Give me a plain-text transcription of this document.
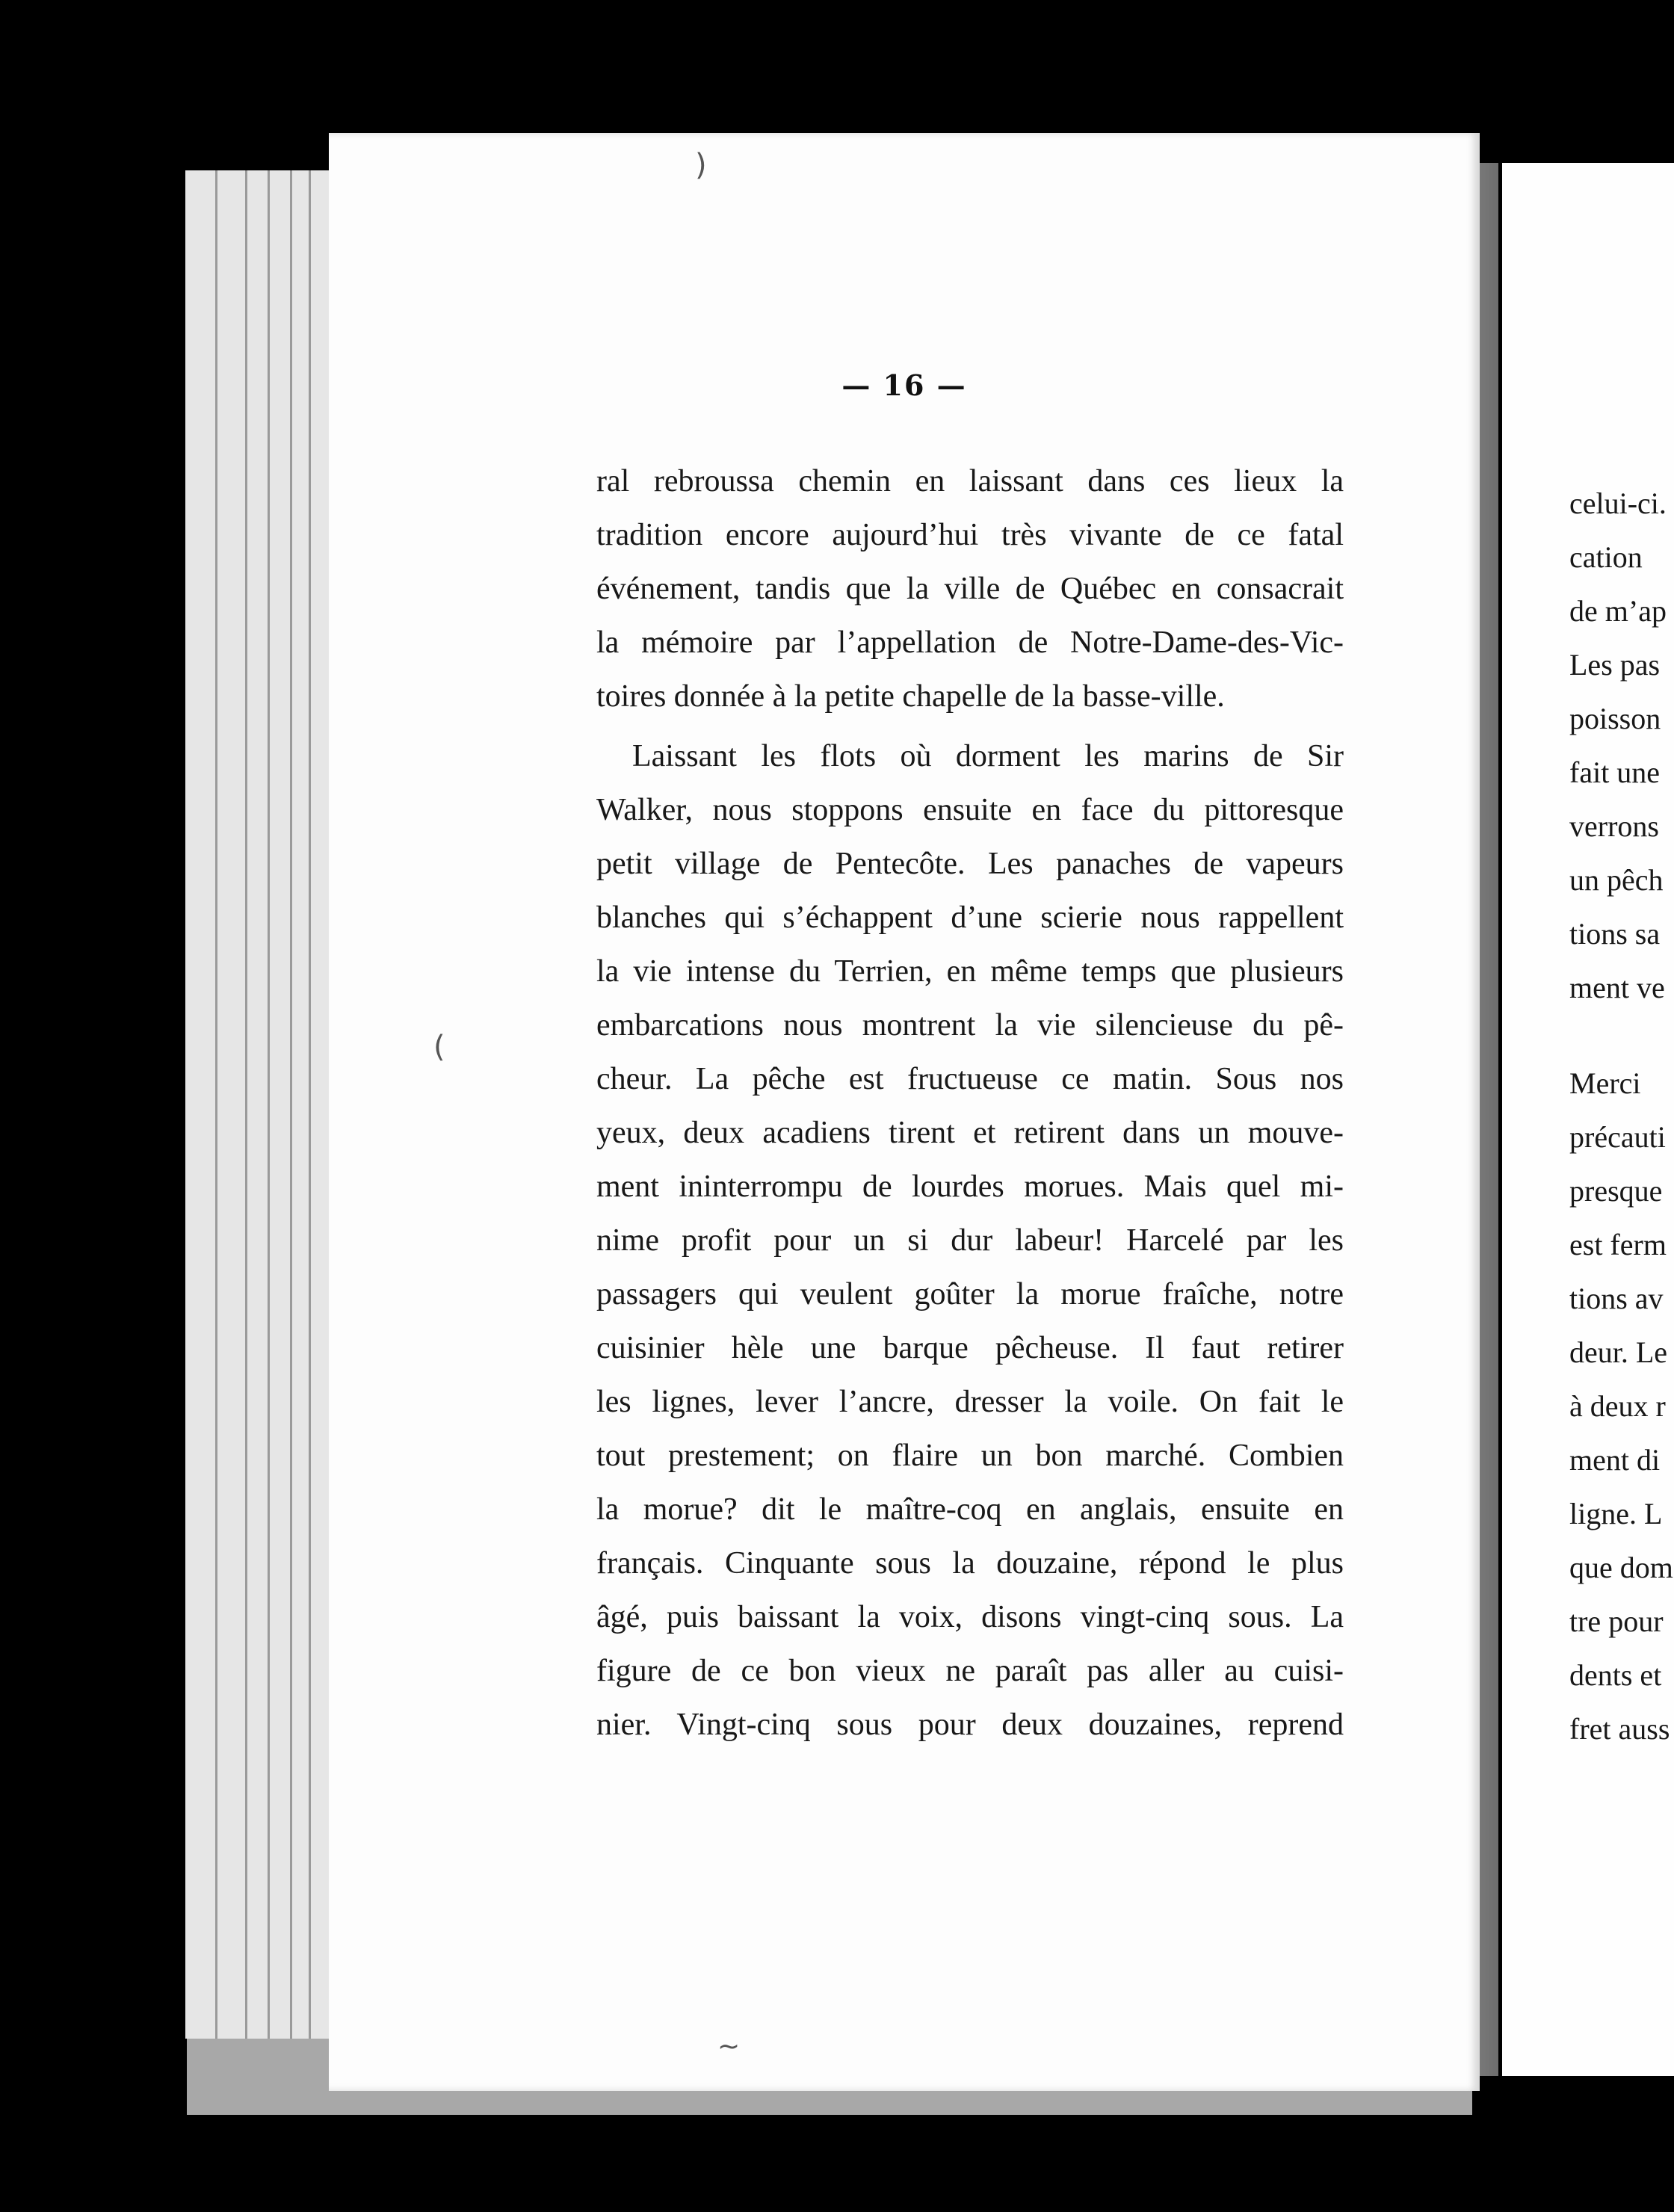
— 16 —
ral rebroussa chemin en laissant dans ces lieux la
tradition encore aujourd’hui très vivante de ce fatal
événement, tandis que la ville de Québec en consacrait
la mémoire par l’appellation de Notre-Dame-des-Vic-
toires donnée à la petite chapelle de la basse-ville.
Laissant les flots où dorment les marins de Sir
Walker, nous stoppons ensuite en face du pittoresque
petit village de Pentecôte. Les panaches de vapeurs
blanches qui s’échappent d’une scierie nous rappellent
la vie intense du Terrien, en même temps que plusieurs
embarcations nous montrent la vie silencieuse du pê-
cheur. La pêche est fructueuse ce matin. Sous nos
yeux, deux acadiens tirent et retirent dans un mouve-
ment ininterrompu de lourdes morues. Mais quel mi-
nime profit pour un si dur labeur! Harcelé par les
passagers qui veulent goûter la morue fraîche, notre
cuisinier hèle une barque pêcheuse. Il faut retirer
les lignes, lever l’ancre, dresser la voile. On fait le
tout prestement; on flaire un bon marché. Combien
la morue? dit le maître-coq en anglais, ensuite en
français. Cinquante sous la douzaine, répond le plus
âgé, puis baissant la voix, disons vingt-cinq sous. La
figure de ce bon vieux ne paraît pas aller au cuisi-
nier. Vingt-cinq sous pour deux douzaines, reprend
)
(
~
celui-ci.
cation
de m’ap
Les pas
poisson
fait une
verrons
un pêch
tions sa
ment ve
Merci
précauti
presque
est ferm
tions av
deur. Le
à deux r
ment di
ligne. L
que dom
tre pour
dents et
fret auss
